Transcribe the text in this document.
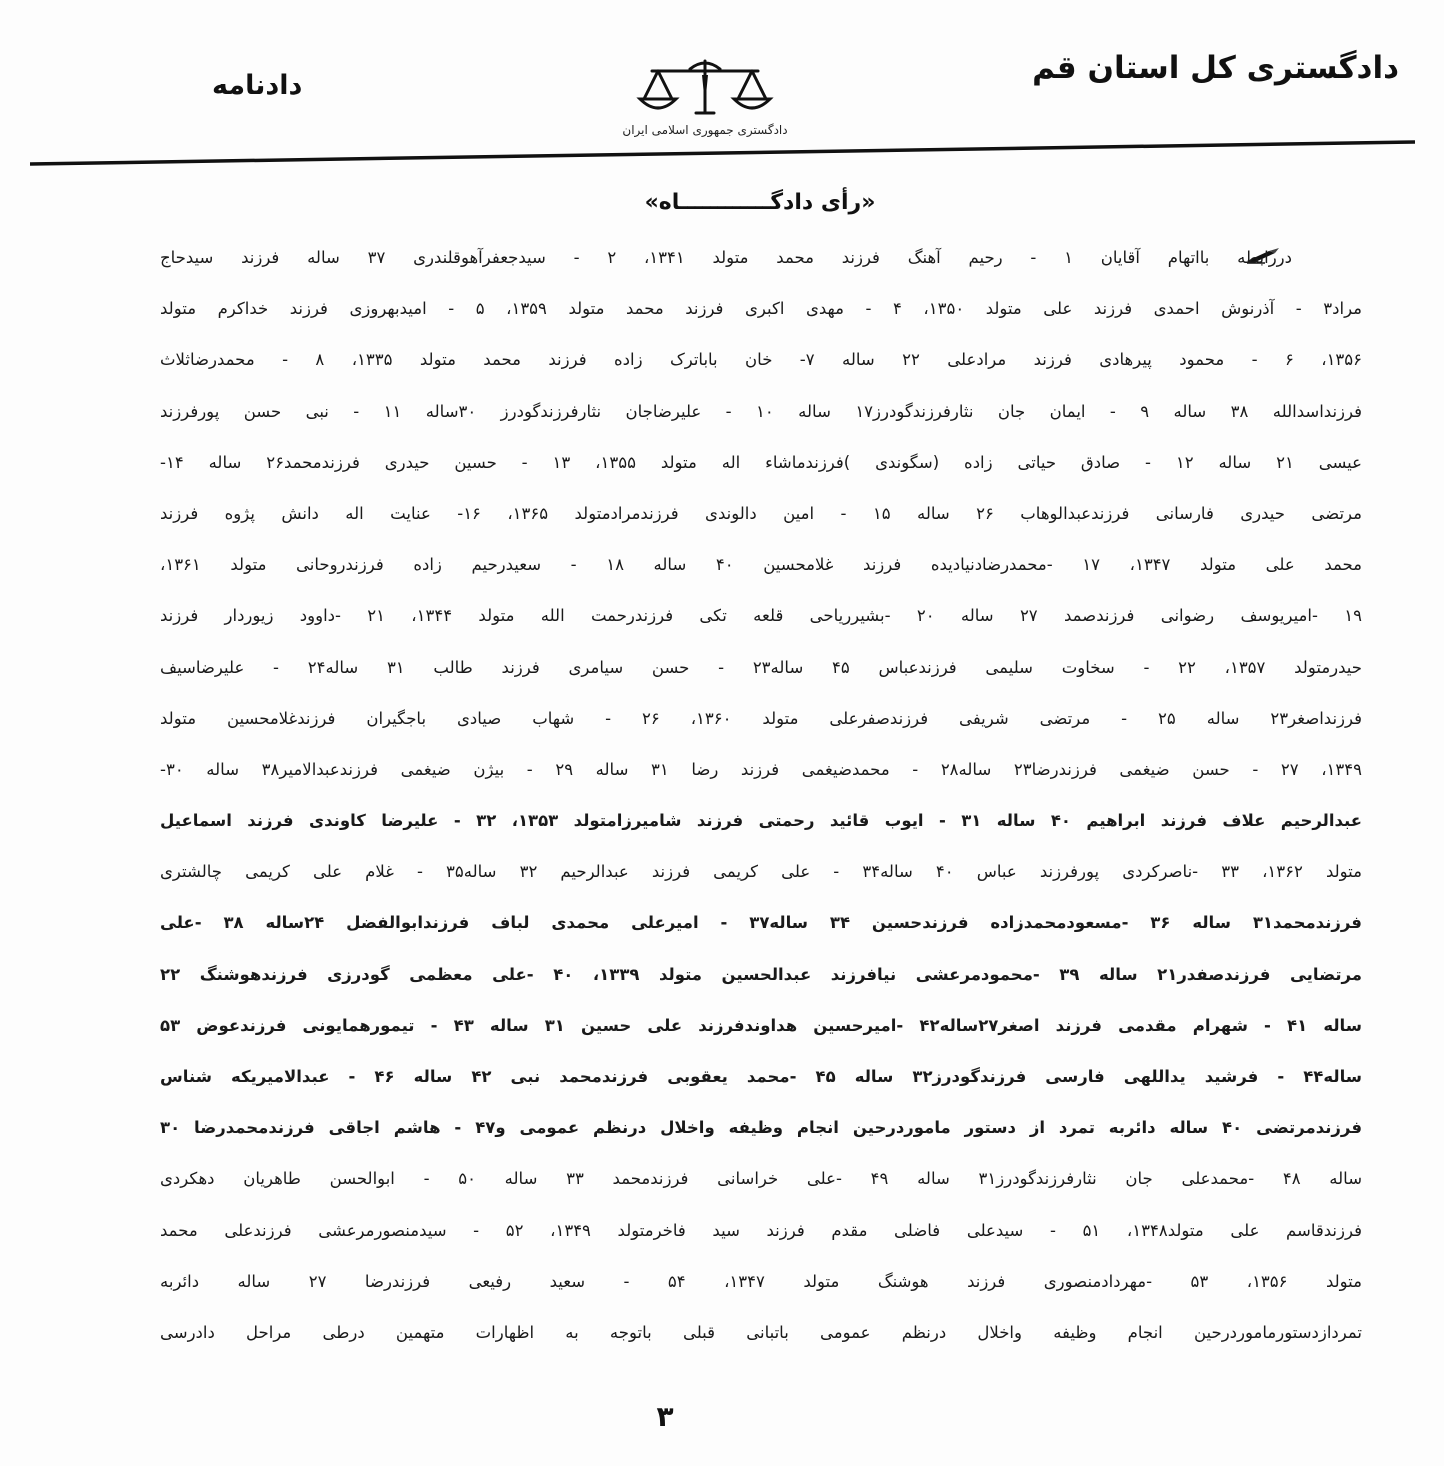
دادگستری کل استان قم
دادنامه
دادگستری جمهوری اسلامی ایران
«رأی دادگــــــــــــاه»
دررابطه بااتهام آقایان ۱ - رحیم آهنگ فرزند محمد متولد ۱۳۴۱، ۲ - سیدجعفرآهوقلندری ۳۷ ساله فرزند سیدحاج
مراد۳ - آذرنوش احمدی فرزند علی متولد ۱۳۵۰، ۴ - مهدی اکبری فرزند محمد متولد ۱۳۵۹، ۵ - امیدبهروزی فرزند خداکرم متولد
۱۳۵۶، ۶ - محمود پیرهادی فرزند مرادعلی ۲۲ ساله ۷- خان باباترک زاده فرزند محمد متولد ۱۳۳۵، ۸ - محمدرضاثلاث
فرزنداسدالله ۳۸ ساله ۹ - ایمان جان نثارفرزندگودرز۱۷ ساله ۱۰ - علیرضاجان نثارفرزندگودرز ۳۰ساله ۱۱ - نبی حسن پورفرزند
عیسی ۲۱ ساله ۱۲ - صادق حیاتی زاده (سگوندی )فرزندماشاء اله متولد ۱۳۵۵، ۱۳ - حسین حیدری فرزندمحمد۲۶ ساله ۱۴-
مرتضی حیدری فارسانی فرزندعبدالوهاب ۲۶ ساله ۱۵ - امین دالوندی فرزندمرادمتولد ۱۳۶۵، ۱۶- عنایت اله دانش پژوه فرزند
محمد علی متولد ۱۳۴۷، ۱۷ -محمدرضادنیادیده فرزند غلامحسین ۴۰ ساله ۱۸ - سعیدرحیم زاده فرزندروحانی متولد ۱۳۶۱،
۱۹ -امیریوسف رضوانی فرزندصمد ۲۷ ساله ۲۰ -بشیرریاحی قلعه تکی فرزندرحمت الله متولد ۱۳۴۴، ۲۱ -داوود زیوردار فرزند
حیدرمتولد ۱۳۵۷، ۲۲ - سخاوت سلیمی فرزندعباس ۴۵ ساله۲۳ - حسن سیامری فرزند طالب ۳۱ ساله۲۴ - علیرضاسیف
فرزنداصغر۲۳ ساله ۲۵ - مرتضی شریفی فرزندصفرعلی متولد ۱۳۶۰، ۲۶ - شهاب صیادی باجگیران فرزندغلامحسین متولد
۱۳۴۹، ۲۷ - حسن ضیغمی فرزندرضا۲۳ ساله۲۸ - محمدضیغمی فرزند رضا ۳۱ ساله ۲۹ - بیژن ضیغمی فرزندعبدالامیر۳۸ ساله ۳۰-
عبدالرحیم علاف فرزند ابراهیم ۴۰ ساله ۳۱ - ایوب قائید رحمتی فرزند شامیرزامتولد ۱۳۵۳، ۳۲ - علیرضا کاوندی فرزند اسماعیل
متولد ۱۳۶۲، ۳۳ -ناصرکردی پورفرزند عباس ۴۰ ساله۳۴ - علی کریمی فرزند عبدالرحیم ۳۲ ساله۳۵ - غلام علی کریمی چالشتری
فرزندمحمد۳۱ ساله ۳۶ -مسعودمحمدزاده فرزندحسین ۳۴ ساله۳۷ - امیرعلی محمدی لباف فرزندابوالفضل ۲۴ساله ۳۸ -علی
مرتضایی فرزندصفدر۲۱ ساله ۳۹ -محمودمرعشی نیافرزند عبدالحسین متولد ۱۳۳۹، ۴۰ -علی معظمی گودرزی فرزندهوشنگ ۲۲
ساله ۴۱ - شهرام مقدمی فرزند اصغر۲۷ساله۴۲ -امیرحسین هداوندفرزند علی حسین ۳۱ ساله ۴۳ - تیمورهمایونی فرزندعوض ۵۳
ساله۴۴ - فرشید یداللهی فارسی فرزندگودرز۳۲ ساله ۴۵ -محمد یعقوبی فرزندمحمد نبی ۴۲ ساله ۴۶ - عبدالامیریکه شناس
فرزندمرتضی ۴۰ ساله دائربه تمرد از دستور ماموردرحین انجام وظیفه واخلال درنظم عمومی و۴۷ - هاشم اجاقی فرزندمحمدرضا ۳۰
ساله ۴۸ -محمدعلی جان نثارفرزندگودرز۳۱ ساله ۴۹ -علی خراسانی فرزندمحمد ۳۳ ساله ۵۰ - ابوالحسن طاهریان دهکردی
فرزندقاسم علی متولد۱۳۴۸، ۵۱ - سیدعلی فاضلی مقدم فرزند سید فاخرمتولد ۱۳۴۹، ۵۲ - سیدمنصورمرعشی فرزندعلی محمد
متولد ۱۳۵۶، ۵۳ -مهردادمنصوری فرزند هوشنگ متولد ۱۳۴۷، ۵۴ - سعید رفیعی فرزندرضا ۲۷ ساله دائربه
تمردازدستورماموردرحین انجام وظیفه واخلال درنظم عمومی باتبانی قبلی باتوجه به اظهارات متهمین درطی مراحل دادرسی
۳
